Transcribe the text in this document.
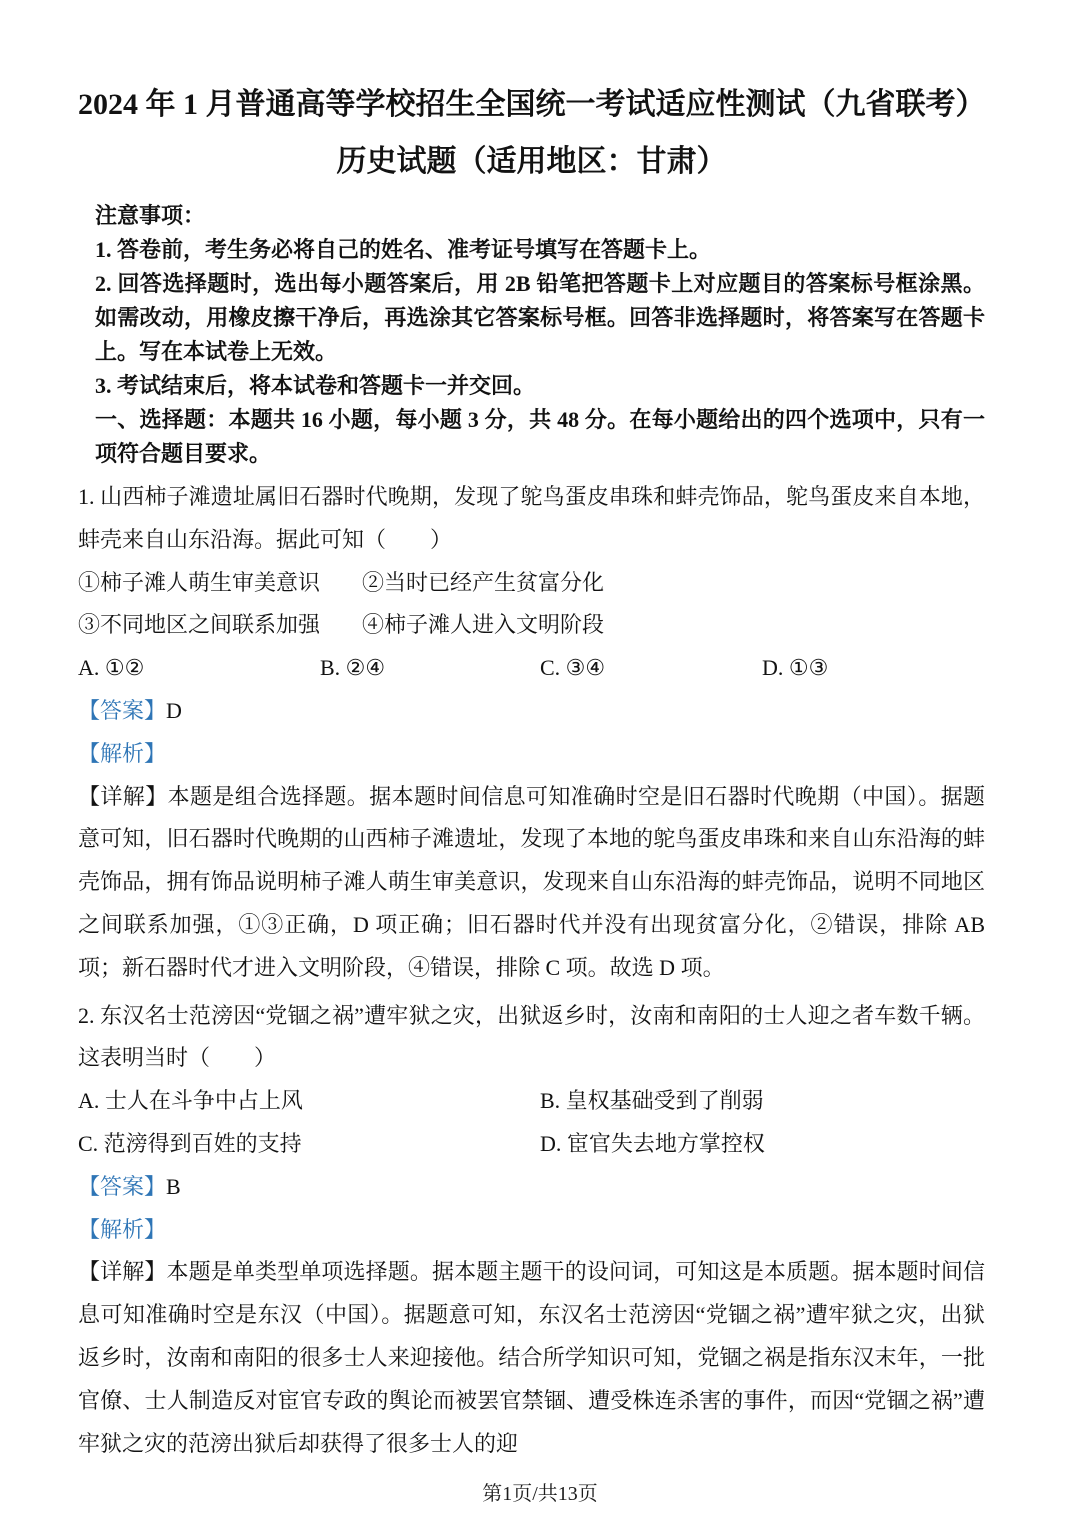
2024 年 1 月普通高等学校招生全国统一考试适应性测试（九省联考）

历史试题（适用地区：甘肃）

注意事项：

1. 答卷前，考生务必将自己的姓名、准考证号填写在答题卡上。

2. 回答选择题时，选出每小题答案后，用 2B 铅笔把答题卡上对应题目的答案标号框涂黑。如需改动，用橡皮擦干净后，再选涂其它答案标号框。回答非选择题时，将答案写在答题卡上。写在本试卷上无效。

3. 考试结束后，将本试卷和答题卡一并交回。

一、选择题：本题共 16 小题，每小题 3 分，共 48 分。在每小题给出的四个选项中，只有一项符合题目要求。

1. 山西柿子滩遗址属旧石器时代晚期，发现了鸵鸟蛋皮串珠和蚌壳饰品，鸵鸟蛋皮来自本地，蚌壳来自山东沿海。据此可知（　　）

①柿子滩人萌生审美意识	②当时已经产生贫富分化
③不同地区之间联系加强	④柿子滩人进入文明阶段
A. ①②	B. ②④	C. ③④	D. ①③

【答案】D

【解析】

【详解】本题是组合选择题。据本题时间信息可知准确时空是旧石器时代晚期（中国）。据题意可知，旧石器时代晚期的山西柿子滩遗址，发现了本地的鸵鸟蛋皮串珠和来自山东沿海的蚌壳饰品，拥有饰品说明柿子滩人萌生审美意识，发现来自山东沿海的蚌壳饰品，说明不同地区之间联系加强，①③正确，D 项正确；旧石器时代并没有出现贫富分化，②错误，排除 AB 项；新石器时代才进入文明阶段，④错误，排除 C 项。故选 D 项。

2. 东汉名士范滂因“党锢之祸”遭牢狱之灾，出狱返乡时，汝南和南阳的士人迎之者车数千辆。这表明当时（　　）

A. 士人在斗争中占上风	B. 皇权基础受到了削弱
C. 范滂得到百姓的支持	D. 宦官失去地方掌控权

【答案】B

【解析】

【详解】本题是单类型单项选择题。据本题主题干的设问词，可知这是本质题。据本题时间信息可知准确时空是东汉（中国）。据题意可知，东汉名士范滂因“党锢之祸”遭牢狱之灾，出狱返乡时，汝南和南阳的很多士人来迎接他。结合所学知识可知，党锢之祸是指东汉末年，一批官僚、士人制造反对宦官专政的舆论而被罢官禁锢、遭受株连杀害的事件，而因“党锢之祸”遭牢狱之灾的范滂出狱后却获得了很多士人的迎

第1页/共13页
